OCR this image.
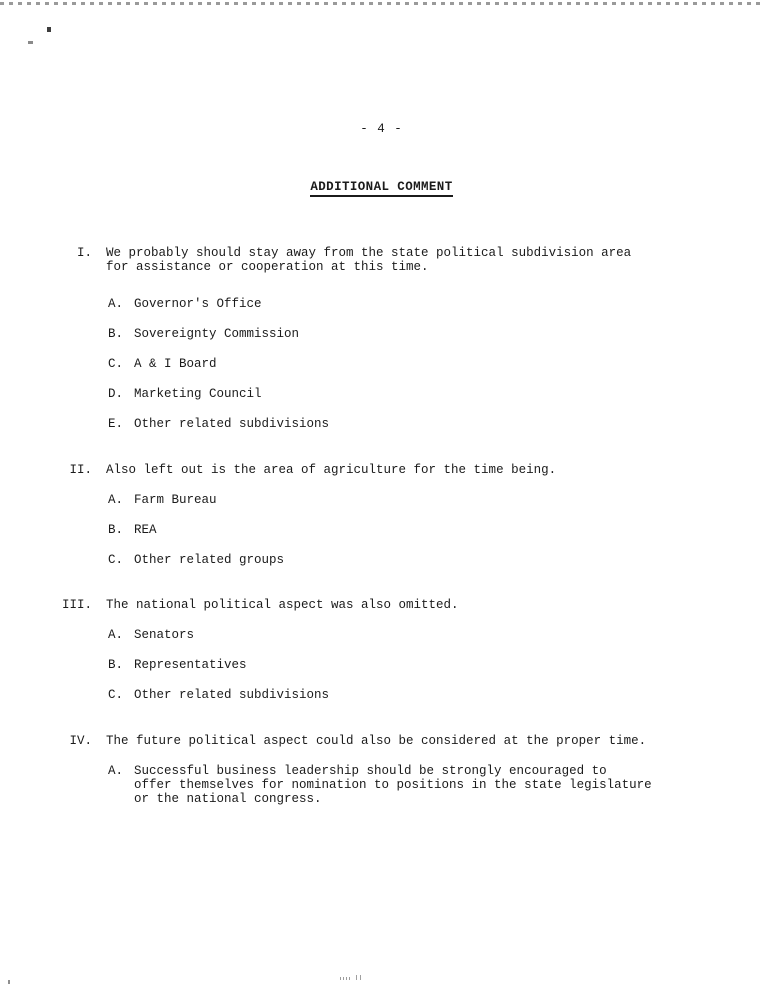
- 4 -
ADDITIONAL COMMENT
I. We probably should stay away from the state political subdivision area
for assistance or cooperation at this time.
A. Governor's Office
B. Sovereignty Commission
C. A & I Board
D. Marketing Council
E. Other related subdivisions
II. Also left out is the area of agriculture for the time being.
A. Farm Bureau
B. REA
C. Other related groups
III. The national political aspect was also omitted.
A. Senators
B. Representatives
C. Other related subdivisions
IV. The future political aspect could also be considered at the proper time.
A. Successful business leadership should be strongly encouraged to
offer themselves for nomination to positions in the state legislature
or the national congress.
